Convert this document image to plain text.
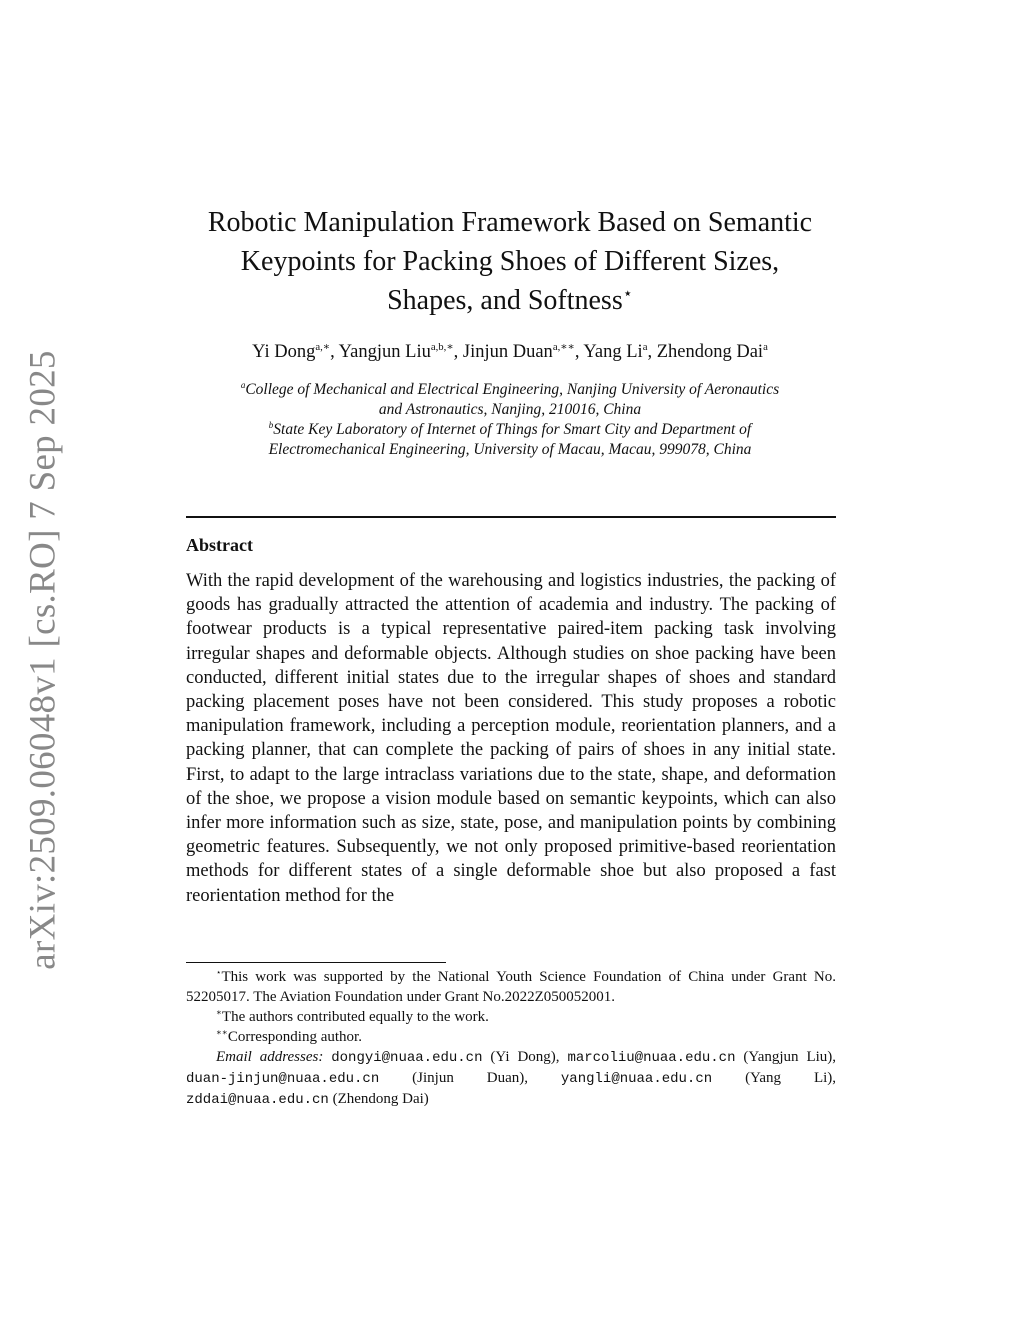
arXiv:2509.06048v1 [cs.RO] 7 Sep 2025
Robotic Manipulation Framework Based on Semantic
Keypoints for Packing Shoes of Different Sizes,
Shapes, and Softness⋆
Yi Dong$^{a,∗}$, Yangjun Liu$^{a,b,∗}$, Jinjun Duan$^{a,∗∗}$, Yang Li$^a$, Zhendong Dai$^a$
$^a$College of Mechanical and Electrical Engineering, Nanjing University of Aeronautics
and Astronautics, Nanjing, 210016, China
$^b$State Key Laboratory of Internet of Things for Smart City and Department of
Electromechanical Engineering, University of Macau, Macau, 999078, China
Abstract
With the rapid development of the warehousing and logistics industries, the packing of goods has gradually attracted the attention of academia and industry. The packing of footwear products is a typical representative paired-item packing task involving irregular shapes and deformable objects. Although studies on shoe packing have been conducted, different initial states due to the irregular shapes of shoes and standard packing placement poses have not been considered. This study proposes a robotic manipulation framework, including a perception module, reorientation planners, and a packing planner, that can complete the packing of pairs of shoes in any initial state. First, to adapt to the large intraclass variations due to the state, shape, and deformation of the shoe, we propose a vision module based on semantic keypoints, which can also infer more information such as size, state, pose, and manipulation points by combining geometric features. Subsequently, we not only proposed primitive-based reorientation methods for different states of a single deformable shoe but also proposed a fast reorientation method for the
⋆This work was supported by the National Youth Science Foundation of China under Grant No. 52205017. The Aviation Foundation under Grant No.2022Z050052001.
∗The authors contributed equally to the work.
∗∗Corresponding author.
Email addresses: dongyi@nuaa.edu.cn (Yi Dong), marcoliu@nuaa.edu.cn (Yangjun Liu), duan-jinjun@nuaa.edu.cn (Jinjun Duan), yangli@nuaa.edu.cn (Yang Li), zddai@nuaa.edu.cn (Zhendong Dai)
